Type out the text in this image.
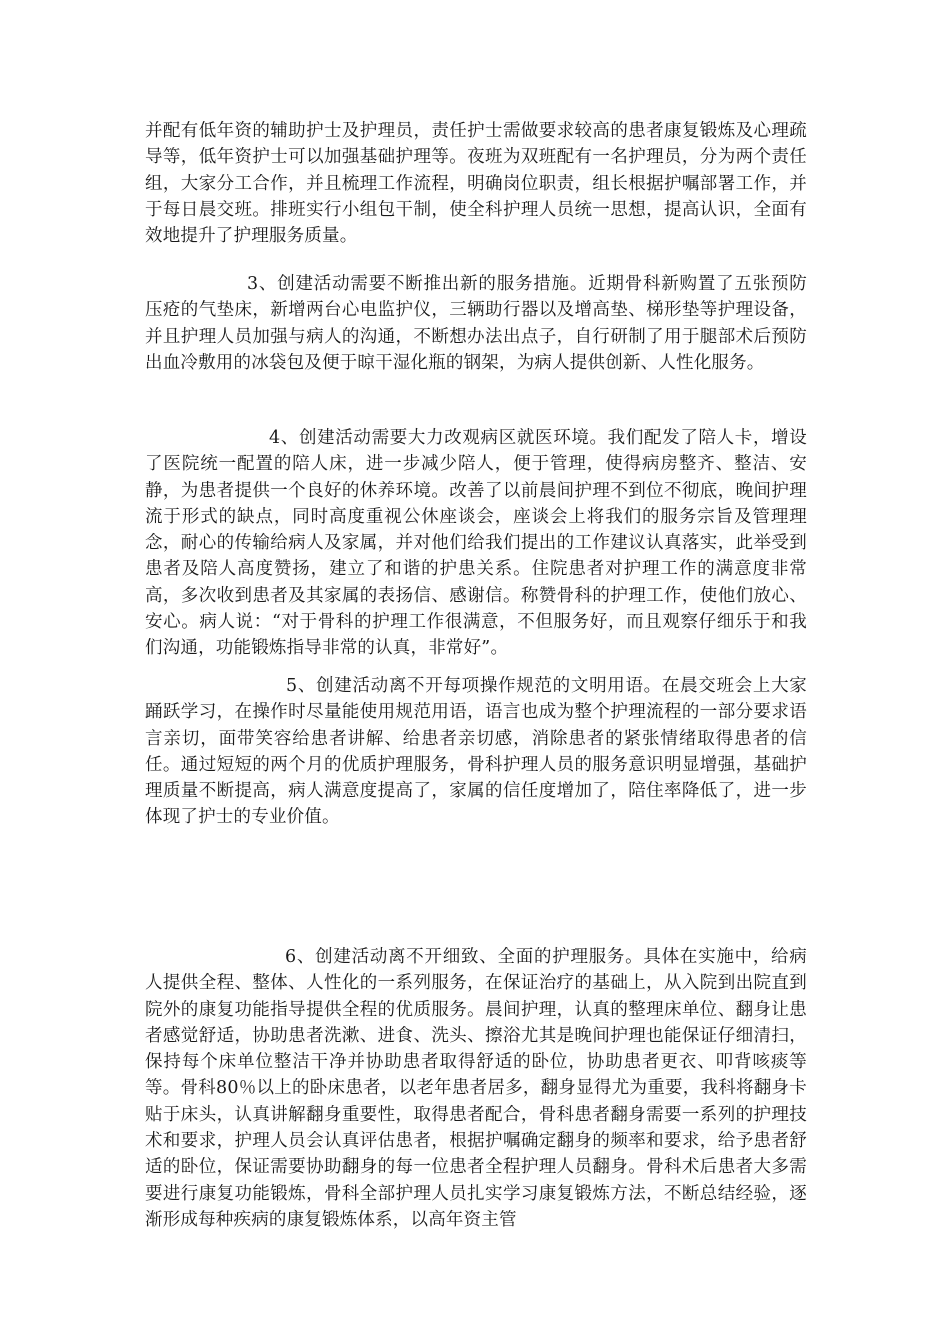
并配有低年资的辅助护士及护理员，责任护士需做要求较高的患者康复锻炼及心理疏导等，低年资护士可以加强基础护理等。夜班为双班配有一名护理员，分为两个责任组，大家分工合作，并且梳理工作流程，明确岗位职责，组长根据护嘱部署工作，并于每日晨交班。排班实行小组包干制，使全科护理人员统一思想，提高认识，全面有效地提升了护理服务质量。

3、创建活动需要不断推出新的服务措施。近期骨科新购置了五张预防压疮的气垫床，新增两台心电监护仪，三辆助行器以及增高垫、梯形垫等护理设备，并且护理人员加强与病人的沟通，不断想办法出点子，自行研制了用于腿部术后预防出血冷敷用的冰袋包及便于晾干湿化瓶的钢架，为病人提供创新、人性化服务。

4、创建活动需要大力改观病区就医环境。我们配发了陪人卡，增设了医院统一配置的陪人床，进一步减少陪人，便于管理，使得病房整齐、整洁、安静，为患者提供一个良好的休养环境。改善了以前晨间护理不到位不彻底，晚间护理流于形式的缺点，同时高度重视公休座谈会，座谈会上将我们的服务宗旨及管理理念，耐心的传输给病人及家属，并对他们给我们提出的工作建议认真落实，此举受到患者及陪人高度赞扬，建立了和谐的护患关系。住院患者对护理工作的满意度非常高，多次收到患者及其家属的表扬信、感谢信。称赞骨科的护理工作，使他们放心、安心。病人说：“对于骨科的护理工作很满意，不但服务好，而且观察仔细乐于和我们沟通，功能锻炼指导非常的认真，非常好”。

5、创建活动离不开每项操作规范的文明用语。在晨交班会上大家踊跃学习，在操作时尽量能使用规范用语，语言也成为整个护理流程的一部分要求语言亲切，面带笑容给患者讲解、给患者亲切感，消除患者的紧张情绪取得患者的信任。通过短短的两个月的优质护理服务，骨科护理人员的服务意识明显增强，基础护理质量不断提高，病人满意度提高了，家属的信任度增加了，陪住率降低了，进一步体现了护士的专业价值。

6、创建活动离不开细致、全面的护理服务。具体在实施中，给病人提供全程、整体、人性化的一系列服务，在保证治疗的基础上，从入院到出院直到院外的康复功能指导提供全程的优质服务。晨间护理，认真的整理床单位、翻身让患者感觉舒适，协助患者洗漱、进食、洗头、擦浴尤其是晚间护理也能保证仔细清扫，保持每个床单位整洁干净并协助患者取得舒适的卧位，协助患者更衣、叩背咳痰等等。骨科80％以上的卧床患者，以老年患者居多，翻身显得尤为重要，我科将翻身卡贴于床头，认真讲解翻身重要性，取得患者配合，骨科患者翻身需要一系列的护理技术和要求，护理人员会认真评估患者，根据护嘱确定翻身的频率和要求，给予患者舒适的卧位，保证需要协助翻身的每一位患者全程护理人员翻身。骨科术后患者大多需要进行康复功能锻炼，骨科全部护理人员扎实学习康复锻炼方法，不断总结经验，逐渐形成每种疾病的康复锻炼体系，以高年资主管
